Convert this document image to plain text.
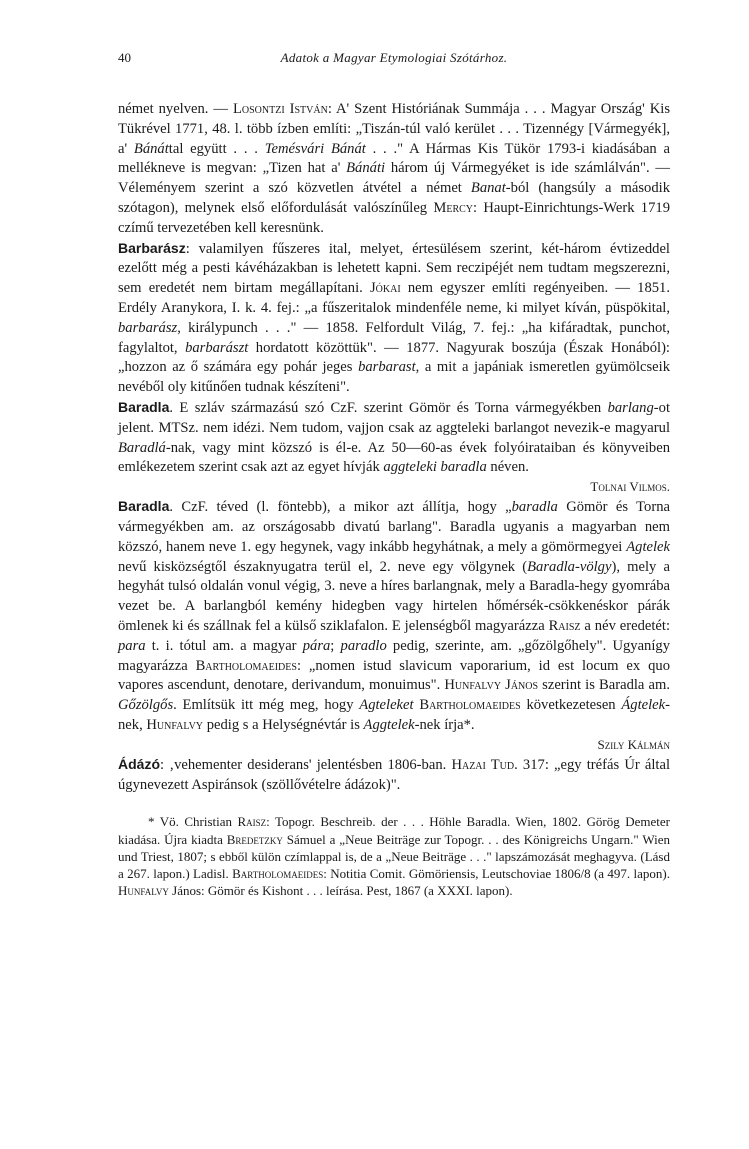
40	Adatok a Magyar Etymologiai Szótárhoz.

német nyelven. — Losontzi István: A' Szent Históriának Summája . . . Magyar Ország' Kis Tükrével 1771, 48. l. több ízben említi: „Tiszán-túl való kerület . . . Tizennégy [Vármegyék], a' Bánáttal együtt . . . Temésvári Bánát . . ." A Hármas Kis Tükör 1793-i kiadásában a mellékneve is megvan: „Tizen hat a' Bánáti három új Vármegyéket is ide számlálván". — Véleményem szerint a szó közvetlen átvétel a német Banat-ból (hangsúly a második szótagon), melynek első előfordulását valószínűleg Mercy: Haupt-Einrichtungs-Werk 1719 czímű tervezetében kell keresnünk.

Barbarász: valamilyen fűszeres ital, melyet, értesülésem szerint, két-három évtizeddel ezelőtt még a pesti kávéházakban is lehetett kapni. Sem reczipéjét nem tudtam megszerezni, sem eredetét nem birtam megállapítani. Jókai nem egyszer említi regényeiben. — 1851. Erdély Aranykora, I. k. 4. fej.: „a fűszeritalok mindenféle neme, ki milyet kíván, püspökital, barbarász, királypunch . . ." — 1858. Felfordult Világ, 7. fej.: „ha kifáradtak, punchot, fagylaltot, barbarászt hordatott közöttük". — 1877. Nagyurak boszúja (Észak Honából): „hozzon az ő számára egy pohár jeges barbarast, a mit a japániak ismeretlen gyümölcseik nevéből oly kitűnően tudnak készíteni".

Baradla. E szláv származású szó CzF. szerint Gömör és Torna vármegyékben barlang-ot jelent. MTSz. nem idézi. Nem tudom, vajjon csak az aggteleki barlangot nevezik-e magyarul Baradlá-nak, vagy mint közszó is él-e. Az 50—60-as évek folyóirataiban és könyveiben emlékezetem szerint csak azt az egyet hívják aggteleki baradla néven.

Tolnai Vilmos.

Baradla. CzF. téved (l. föntebb), a mikor azt állítja, hogy „baradla Gömör és Torna vármegyékben am. az országosabb divatú barlang". Baradla ugyanis a magyarban nem közszó, hanem neve 1. egy hegynek, vagy inkább hegyhátnak, a mely a gömörmegyei Agtelek nevű kisközségtől északnyugatra terül el, 2. neve egy völgynek (Baradla-völgy), mely a hegyhát tulsó oldalán vonul végig, 3. neve a híres barlangnak, mely a Baradla-hegy gyomrába vezet be. A barlangból kemény hidegben vagy hirtelen hőmérsék-csökkenéskor párák ömlenek ki és szállnak fel a külső sziklafalon. E jelenségből magyarázza Raisz a név eredetét: para t. i. tótul am. a magyar pára; paradlo pedig, szerinte, am. „gőzölgőhely". Ugyanígy magyarázza Bartholomaeides: „nomen istud slavicum vaporarium, id est locum ex quo vapores ascendunt, denotare, derivandum, monuimus". Hunfalvy János szerint is Baradla am. Gőzölgős. Említsük itt még meg, hogy Agteleket Bartholomaeides következetesen Ágtelek-nek, Hunfalvy pedig s a Helységnévtár is Aggtelek-nek írja*.

Szily Kálmán

Ádázó: ‚vehementer desiderans' jelentésben 1806-ban. Hazai Tud. 317: „egy tréfás Úr által úgynevezett Aspiránsok (szöllővételre ádázok)".

* Vö. Christian Raisz: Topogr. Beschreib. der . . . Höhle Baradla. Wien, 1802. Görög Demeter kiadása. Újra kiadta Bredetzky Sámuel a „Neue Beiträge zur Topogr. . . des Königreichs Ungarn." Wien und Triest, 1807; s ebből külön czímlappal is, de a „Neue Beiträge . . ." lapszámozását meghagyva. (Lásd a 267. lapon.) Ladisl. Bartholomaeides: Notitia Comit. Gömöriensis, Leutschoviae 1806/8 (a 497. lapon). Hunfalvy János: Gömör és Kishont . . . leírása. Pest, 1867 (a XXXI. lapon).
